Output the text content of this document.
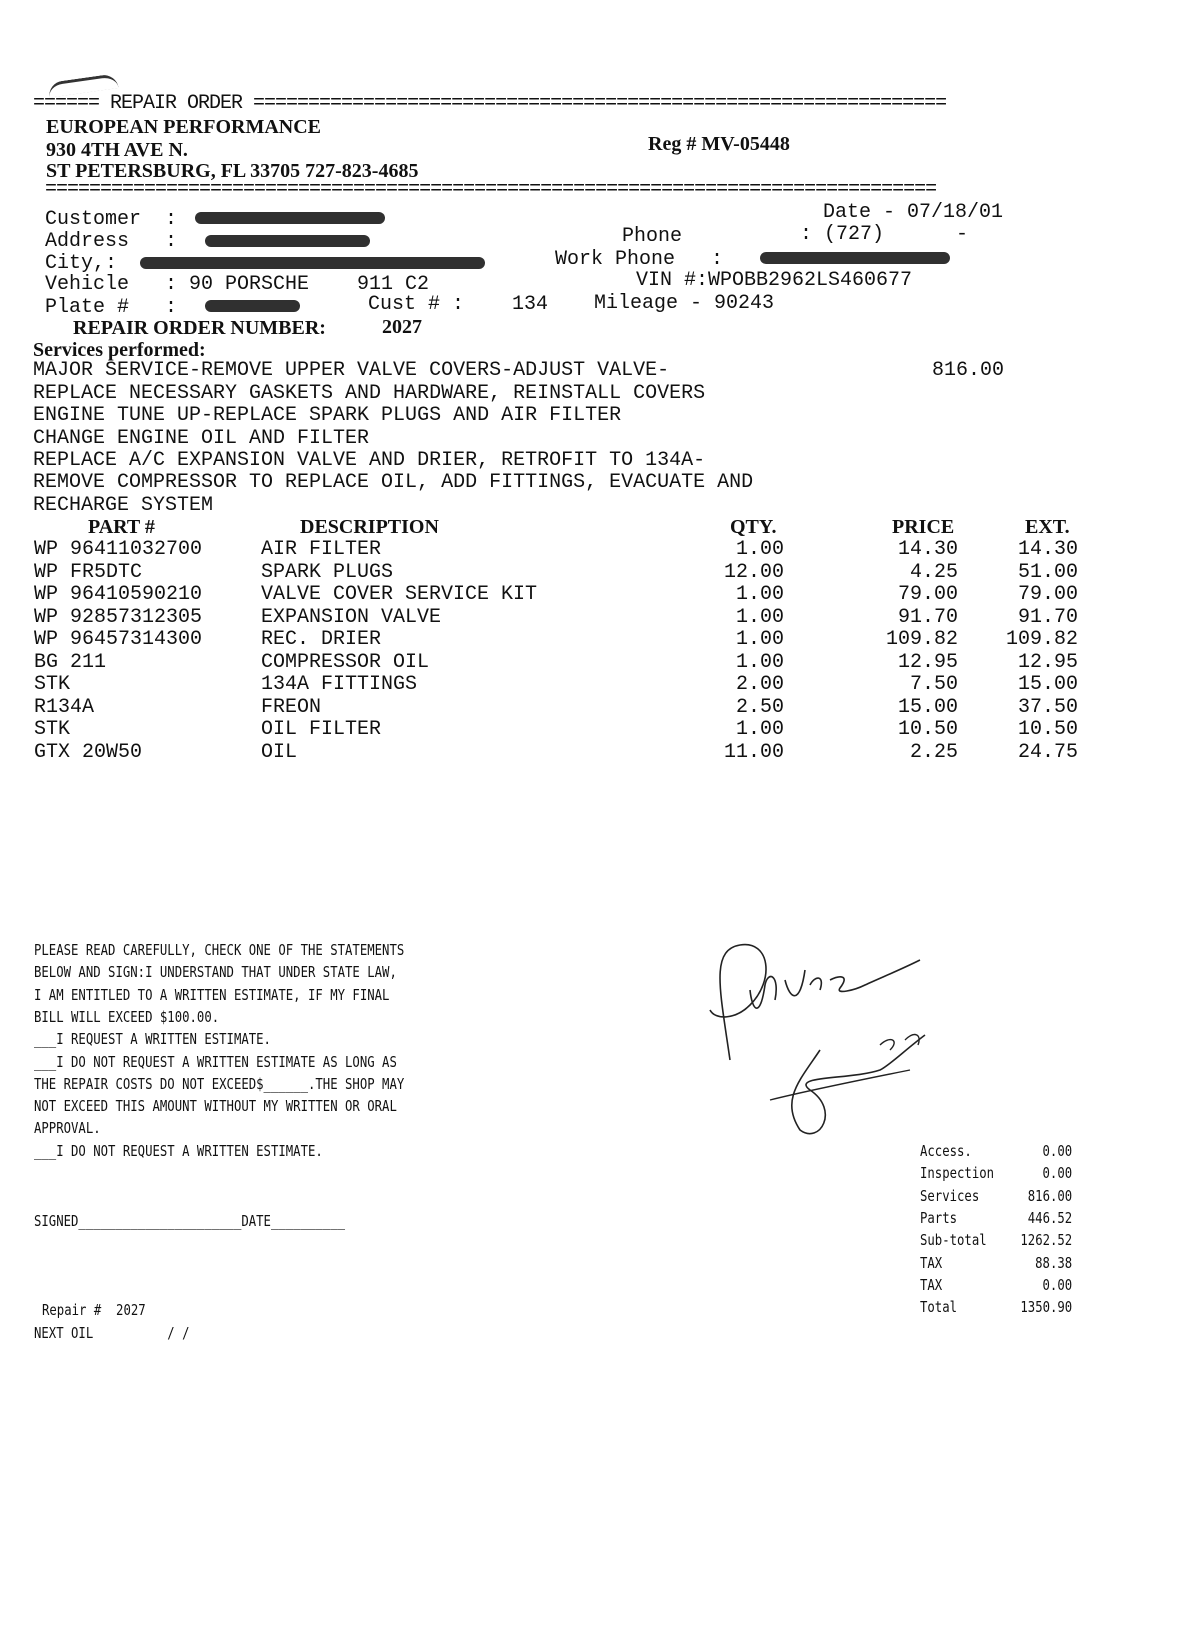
====== REPAIR ORDER ===============================================================
EUROPEAN PERFORMANCE
930 4TH AVE N.
ST PETERSBURG, FL 33705 727-823-4685
Reg # MV-05448
=================================================================================
Customer  :
Address   :
City,:
Vehicle   : 90 PORSCHE    911 C2
Plate #   :	Cust # :    134
Date - 07/18/01
Phone	: (727)      -
Work Phone   :
VIN #:WPOBB2962LS460677
Mileage - 90243
REPAIR ORDER NUMBER:	2027
Services performed:
MAJOR SERVICE-REMOVE UPPER VALVE COVERS-ADJUST VALVE-
REPLACE NECESSARY GASKETS AND HARDWARE, REINSTALL COVERS
ENGINE TUNE UP-REPLACE SPARK PLUGS AND AIR FILTER
CHANGE ENGINE OIL AND FILTER
REPLACE A/C EXPANSION VALVE AND DRIER, RETROFIT TO 134A-
REMOVE COMPRESSOR TO REPLACE OIL, ADD FITTINGS, EVACUATE AND
RECHARGE SYSTEM
816.00
PART #	DESCRIPTION	QTY.	PRICE	EXT.
WP 96411032700	AIR FILTER	1.00	14.30	14.30
WP FR5DTC	SPARK PLUGS	12.00	4.25	51.00
WP 96410590210	VALVE COVER SERVICE KIT	1.00	79.00	79.00
WP 92857312305	EXPANSION VALVE	1.00	91.70	91.70
WP 96457314300	REC. DRIER	1.00	109.82 109.82
BG 211	COMPRESSOR OIL	1.00	12.95	12.95
STK	134A FITTINGS	2.00	7.50	15.00
R134A	FREON	2.50	15.00	37.50
STK	OIL FILTER	1.00	10.50	10.50
GTX 20W50	OIL	11.00	2.25	24.75
PLEASE READ CAREFULLY, CHECK ONE OF THE STATEMENTS
BELOW AND SIGN:I UNDERSTAND THAT UNDER STATE LAW,
I AM ENTITLED TO A WRITTEN ESTIMATE, IF MY FINAL
BILL WILL EXCEED $100.00.
___I REQUEST A WRITTEN ESTIMATE.
___I DO NOT REQUEST A WRITTEN ESTIMATE AS LONG AS
THE REPAIR COSTS DO NOT EXCEED$______.THE SHOP MAY
NOT EXCEED THIS AMOUNT WITHOUT MY WRITTEN OR ORAL
APPROVAL.
___I DO NOT REQUEST A WRITTEN ESTIMATE.
SIGNED______________________DATE__________
Repair #  2027
NEXT OIL          / /
Access.	0.00
Inspection	0.00
Services	816.00
Parts	446.52
Sub-total 1262.52
TAX	88.38
TAX	0.00
Total	1350.90
